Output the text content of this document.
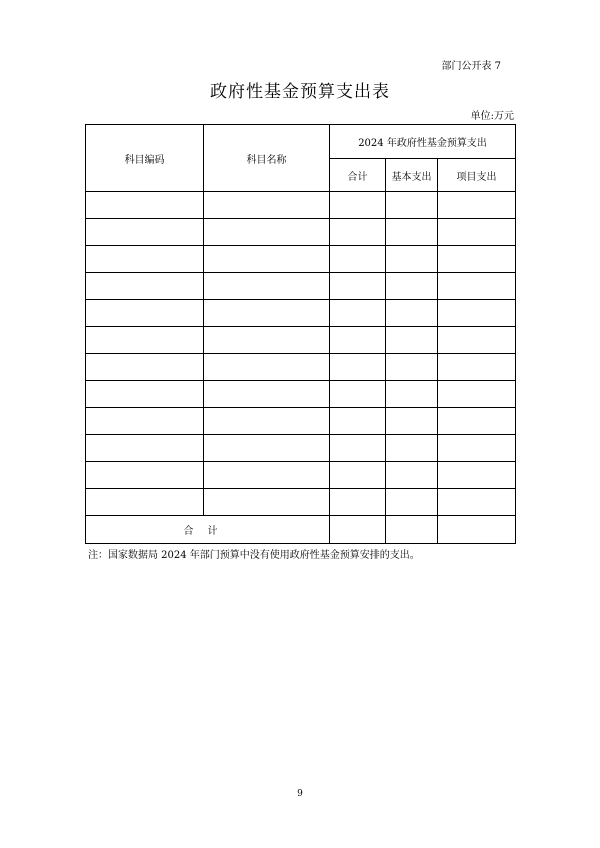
部门公开表 7
政府性基金预算支出表
单位:万元
科目编码	科目名称	2024 年政府性基金预算支出		
		合计	基本支出	项目支出

合计				
注：国家数据局 2024 年部门预算中没有使用政府性基金预算安排的支出。
9
